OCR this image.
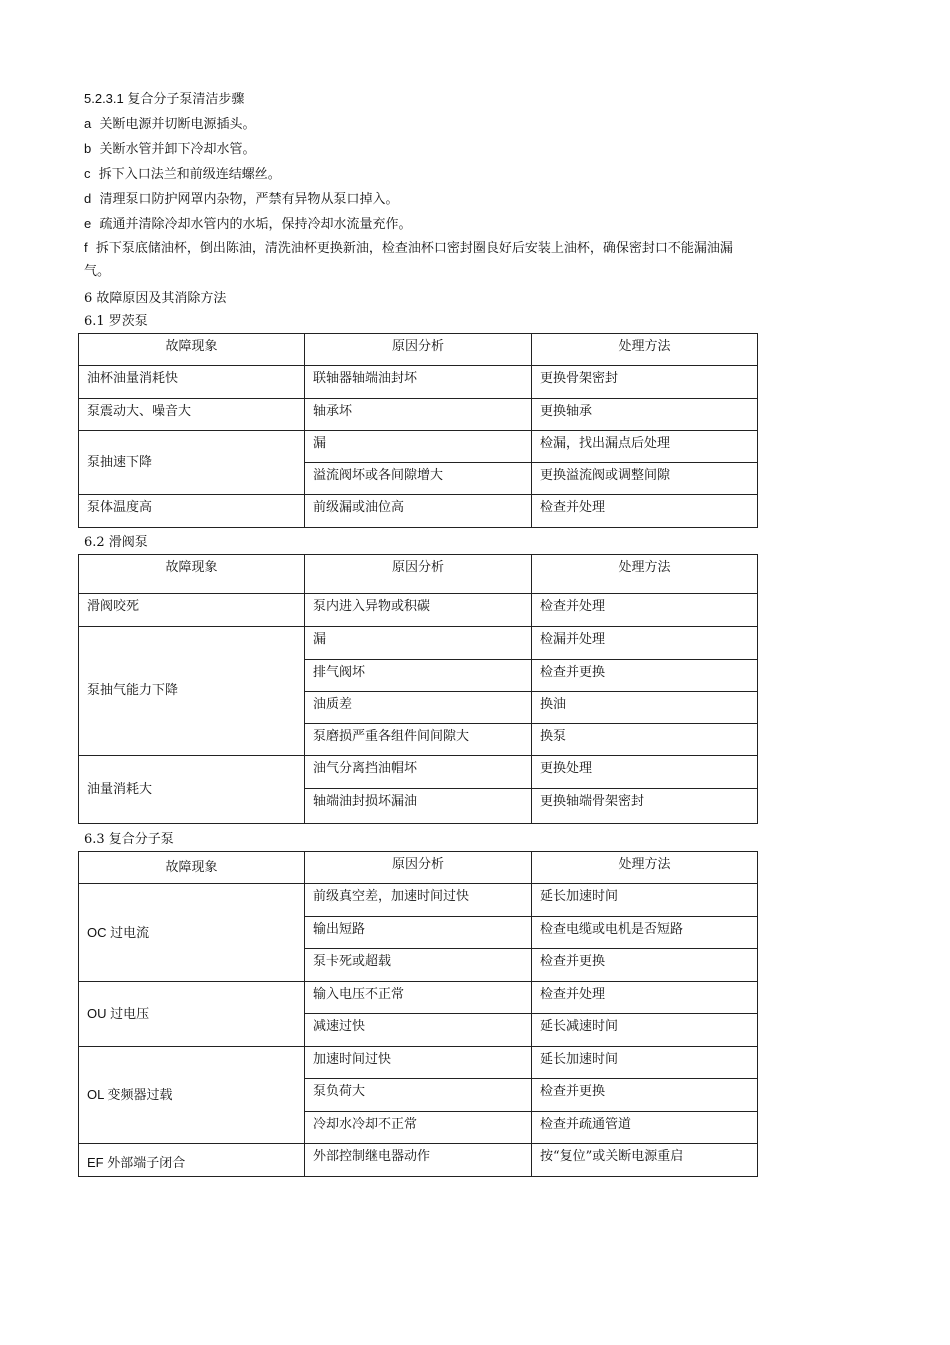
5.2.3.1 复合分子泵清洁步骤

a 关断电源并切断电源插头。

b 关断水管并卸下冷却水管。

c 拆下入口法兰和前级连结螺丝。

d 清理泵口防护网罩内杂物，严禁有异物从泵口掉入。

e 疏通并清除冷却水管内的水垢，保持冷却水流量充作。

f 拆下泵底储油杯，倒出陈油，清洗油杯更换新油，检查油杯口密封圈良好后安装上油杯，确保密封口不能漏油漏气。

6 故障原因及其消除方法

6.1 罗茨泵

故障现象	原因分析	处理方法
油杯油量消耗快	联轴器轴端油封坏	更换骨架密封
泵震动大、噪音大	轴承坏	更换轴承
泵抽速下降	漏	检漏，找出漏点后处理
	溢流阀坏或各间隙增大	更换溢流阀或调整间隙
泵体温度高	前级漏或油位高	检查并处理

6.2 滑阀泵

故障现象	原因分析	处理方法
滑阀咬死	泵内进入异物或积碳	检查并处理
泵抽气能力下降	漏	检漏并处理
	排气阀坏	检查并更换
	油质差	换油
	泵磨损严重各组件间间隙大	换泵
油量消耗大	油气分离挡油帽坏	更换处理
	轴端油封损坏漏油	更换轴端骨架密封

6.3 复合分子泵

故障现象	原因分析	处理方法
OC 过电流	前级真空差，加速时间过快	延长加速时间
	输出短路	检查电缆或电机是否短路
	泵卡死或超载	检查并更换
OU 过电压	输入电压不正常	检查并处理
	减速过快	延长减速时间
OL 变频器过载	加速时间过快	延长加速时间
	泵负荷大	检查并更换
	冷却水冷却不正常	检查并疏通管道
EF 外部端子闭合	外部控制继电器动作	按“复位”或关断电源重启
